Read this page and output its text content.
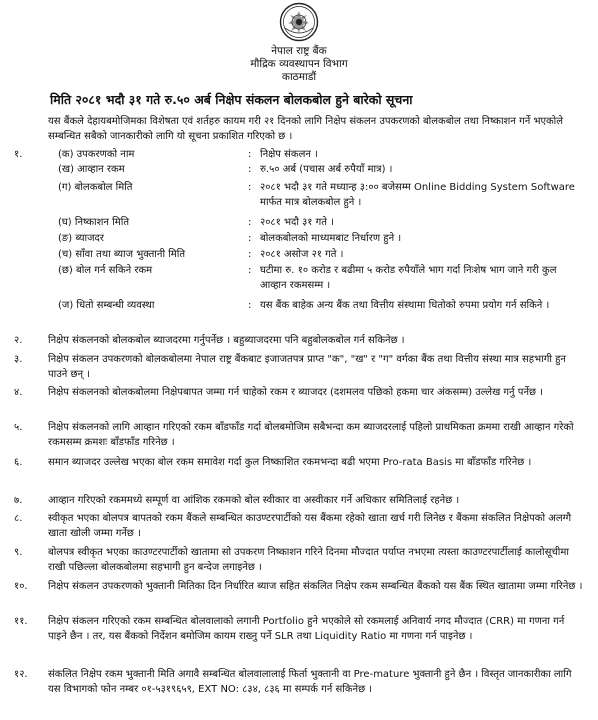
नेपाल राष्ट्र बैंक
मौद्रिक व्यवस्थापन विभाग
काठमाडौं
मिति २०८१ भदौ ३१ गते रु.५० अर्ब निक्षेप संकलन बोलकबोल हुने बारेको सूचना
यस बैंकले देहायबमोजिमका विशेषता एवं शर्तहरु कायम गरी २१ दिनको लागि निक्षेप संकलन उपकरणको बोलकबोल तथा निष्काशन गर्ने भएकोले सम्बन्धित सबैको जानकारीको लागि यो सूचना प्रकाशित गरिएको छ ।
१.	(क) उपकरणको नाम	: निक्षेप संकलन ।
(ख) आव्हान रकम	: रु.५० अर्ब (पचास अर्ब रुपैयाँ मात्र) ।
(ग) बोलकबोल मिति	: २०८१ भदौ ३१ गते मध्यान्ह ३:०० बजेसम्म Online Bidding System Software मार्फत मात्र बोलकबोल हुने ।
(घ) निष्काशन मिति	: २०८१ भदौ ३१ गते ।
(ङ) ब्याजदर	: बोलकबोलको माध्यमबाट निर्धारण हुने ।
(च) साँवा तथा ब्याज भुक्तानी मिति	: २०८१ असोज २१ गते ।
(छ) बोल गर्न सकिने रकम	: घटीमा रु. १० करोड र बढीमा ५ करोड रुपैयाँले भाग गर्दा निःशेष भाग जाने गरी कुल आव्हान रकमसम्म ।
(ज) धितो सम्बन्धी व्यवस्था	: यस बैंक बाहेक अन्य बैंक तथा वित्तीय संस्थामा धितोको रुपमा प्रयोग गर्न सकिने ।
२.	निक्षेप संकलनको बोलकबोल ब्याजदरमा गर्नुपर्नेछ । बहुब्याजदरमा पनि बहुबोलकबोल गर्न सकिनेछ ।
३.	निक्षेप संकलन उपकरणको बोलकबोलमा नेपाल राष्ट्र बैंकबाट इजाजतपत्र प्राप्त "क", "ख" र "ग" वर्गका बैंक तथा वित्तीय संस्था मात्र सहभागी हुन पाउने छन् ।
४.	निक्षेप संकलनको बोलकबोलमा निक्षेपबापत जम्मा गर्न चाहेको रकम र ब्याजदर (दशमलव पछिको हकमा चार अंकसम्म) उल्लेख गर्नु पर्नेछ ।
५.	निक्षेप संकलनको लागि आव्हान गरिएको रकम बाँडफाँड गर्दा बोलबमोजिम सबैभन्दा कम ब्याजदरलाई पहिलो प्राथमिकता क्रममा राखी आव्हान गरेको रकमसम्म क्रमशः बाँडफाँड गरिनेछ ।
६.	समान ब्याजदर उल्लेख भएका बोल रकम समावेश गर्दा कुल निष्काशित रकमभन्दा बढी भएमा Pro-rata Basis मा बाँडफाँड गरिनेछ ।
७.	आव्हान गरिएको रकममध्ये सम्पूर्ण वा आंशिक रकमको बोल स्वीकार वा अस्वीकार गर्ने अधिकार समितिलाई रहनेछ ।
८.	स्वीकृत भएका बोलपत्र बापतको रकम बैंकले सम्बन्धित काउण्टरपार्टीको यस बैंकमा रहेको खाता खर्च गरी लिनेछ र बैंकमा संकलित निक्षेपको अलग्गै खाता खोली जम्मा गर्नेछ ।
९.	बोलपत्र स्वीकृत भएका काउण्टरपार्टीको खातामा सो उपकरण निष्काशन गरिने दिनमा मौज्दात पर्याप्त नभएमा त्यस्ता काउण्टरपार्टीलाई कालोसूचीमा राखी पछिल्ला बोलकबोलमा सहभागी हुन बन्देज लगाइनेछ ।
१०. निक्षेप संकलन उपकरणको भुक्तानी मितिका दिन निर्धारित ब्याज सहित संकलित निक्षेप रकम सम्बन्धित बैंकको यस बैंक स्थित खातामा जम्मा गरिनेछ ।
११. निक्षेप संकलन गरिएको रकम सम्बन्धित बोलवालाको लगानी Portfolio हुने भएकोले सो रकमलाई अनिवार्य नगद मौज्दात (CRR) मा गणना गर्न पाइने छैन । तर, यस बैंकको निर्देशन बमोजिम कायम राख्नु पर्ने SLR तथा Liquidity Ratio मा गणना गर्न पाइनेछ ।
१२. संकलित निक्षेप रकम भुक्तानी मिति अगावै सम्बन्धित बोलवालालाई फिर्ता भुक्तानी वा Pre-mature भुक्तानी हुने छैन । विस्तृत जानकारीका लागि यस विभागको फोन नम्बर ०१-५३१९६५९, EXT NO: ८३४, ८३६ मा सम्पर्क गर्न सकिनेछ ।
